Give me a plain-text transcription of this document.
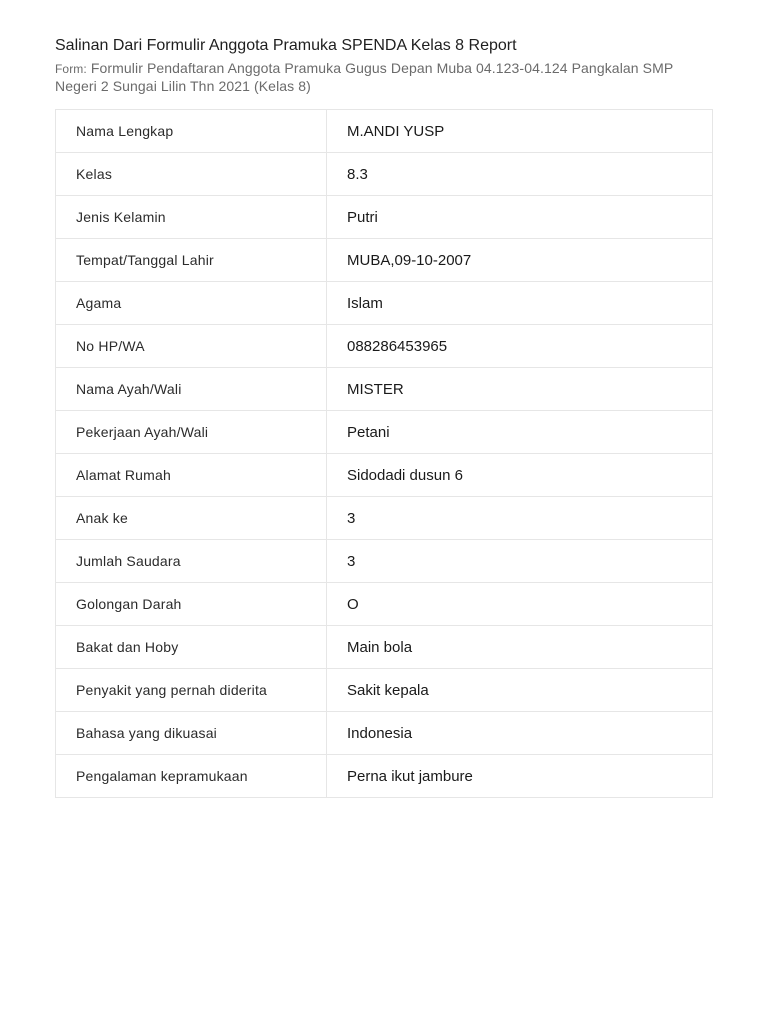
Salinan Dari Formulir Anggota Pramuka SPENDA Kelas 8 Report
Form: Formulir Pendaftaran Anggota Pramuka Gugus Depan Muba 04.123-04.124 Pangkalan SMP Negeri 2 Sungai Lilin Thn 2021 (Kelas 8)
Nama Lengkap	M.ANDI YUSP
Kelas	8.3
Jenis Kelamin	Putri
Tempat/Tanggal Lahir	MUBA,09-10-2007
Agama	Islam
No HP/WA	088286453965
Nama Ayah/Wali	MISTER
Pekerjaan Ayah/Wali	Petani
Alamat Rumah	Sidodadi dusun 6
Anak ke	3
Jumlah Saudara	3
Golongan Darah	O
Bakat dan Hoby	Main bola
Penyakit yang pernah diderita	Sakit kepala
Bahasa yang dikuasai	Indonesia
Pengalaman kepramukaan	Perna ikut jambure
